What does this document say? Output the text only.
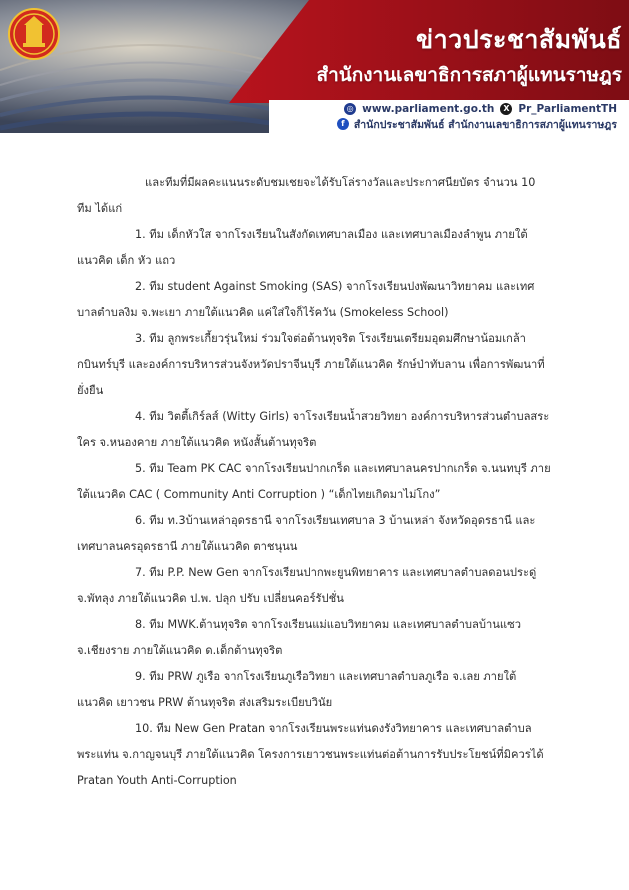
ข่าวประชาสัมพันธ์
สำนักงานเลขาธิการสภาผู้แทนราษฎร
◎ www.parliament.go.th	X Pr_ParliamentTH
f สำนักประชาสัมพันธ์ สำนักงานเลขาธิการสภาผู้แทนราษฎร

และทีมที่มีผลคะแนนระดับชมเชยจะได้รับโล่รางวัลและประกาศนียบัตร จำนวน 10 ทีม ได้แก่

1. ทีม เด็กหัวใส จากโรงเรียนในสังกัดเทศบาลเมือง และเทศบาลเมืองลำพูน ภายใต้แนวคิด เด็ก หัว แถว

2. ทีม student Against Smoking (SAS) จากโรงเรียนปงพัฒนาวิทยาคม และเทศบาลตำบลงิม จ.พะเยา ภายใต้แนวคิด แค่ใส่ใจก็ไร้ควัน (Smokeless School)

3. ทีม ลูกพระเกี้ยวรุ่นใหม่ ร่วมใจต่อต้านทุจริต โรงเรียนเตรียมอุดมศึกษาน้อมเกล้ากบินทร์บุรี และองค์การบริหารส่วนจังหวัดปราจีนบุรี ภายใต้แนวคิด รักษ์ป่าทับลาน เพื่อการพัฒนาที่ยั่งยืน

4. ทีม วิตตี้เกิร์ลส์ (Witty Girls) จาโรงเรียนน้ำสวยวิทยา องค์การบริหารส่วนตำบลสระใคร จ.หนองคาย ภายใต้แนวคิด หนังสั้นต้านทุจริต

5. ทีม Team PK CAC จากโรงเรียนปากเกร็ด และเทศบาลนครปากเกร็ด จ.นนทบุรี ภายใต้แนวคิด CAC ( Community Anti Corruption ) “เด็กไทยเกิดมาไม่โกง”

6. ทีม ท.3บ้านเหล่าอุดรธานี จากโรงเรียนเทศบาล 3 บ้านเหล่า จังหวัดอุดรธานี และเทศบาลนครอุดรธานี ภายใต้แนวคิด ตาชนุนน

7. ทีม P.P. New Gen จากโรงเรียนปากพะยูนพิทยาคาร และเทศบาลตำบลดอนประดู่ จ.พัทลุง ภายใต้แนวคิด ป.พ. ปลุก ปรับ เปลี่ยนคอร์รัปชั่น

8. ทีม MWK.ต้านทุจริต จากโรงเรียนแม่แอบวิทยาคม และเทศบาลตำบลบ้านแซว จ.เชียงราย ภายใต้แนวคิด ด.เด็กต้านทุจริต

9. ทีม PRW ภูเรือ จากโรงเรียนภูเรือวิทยา และเทศบาลตำบลภูเรือ จ.เลย ภายใต้แนวคิด เยาวชน PRW ต้านทุจริต ส่งเสริมระเบียบวินัย

10. ทีม New Gen Pratan จากโรงเรียนพระแท่นดงรังวิทยาคาร และเทศบาลตำบลพระแท่น จ.กาญจนบุรี ภายใต้แนวคิด โครงการเยาวชนพระแท่นต่อต้านการรับประโยชน์ที่มิควรได้ Pratan Youth Anti-Corruption
